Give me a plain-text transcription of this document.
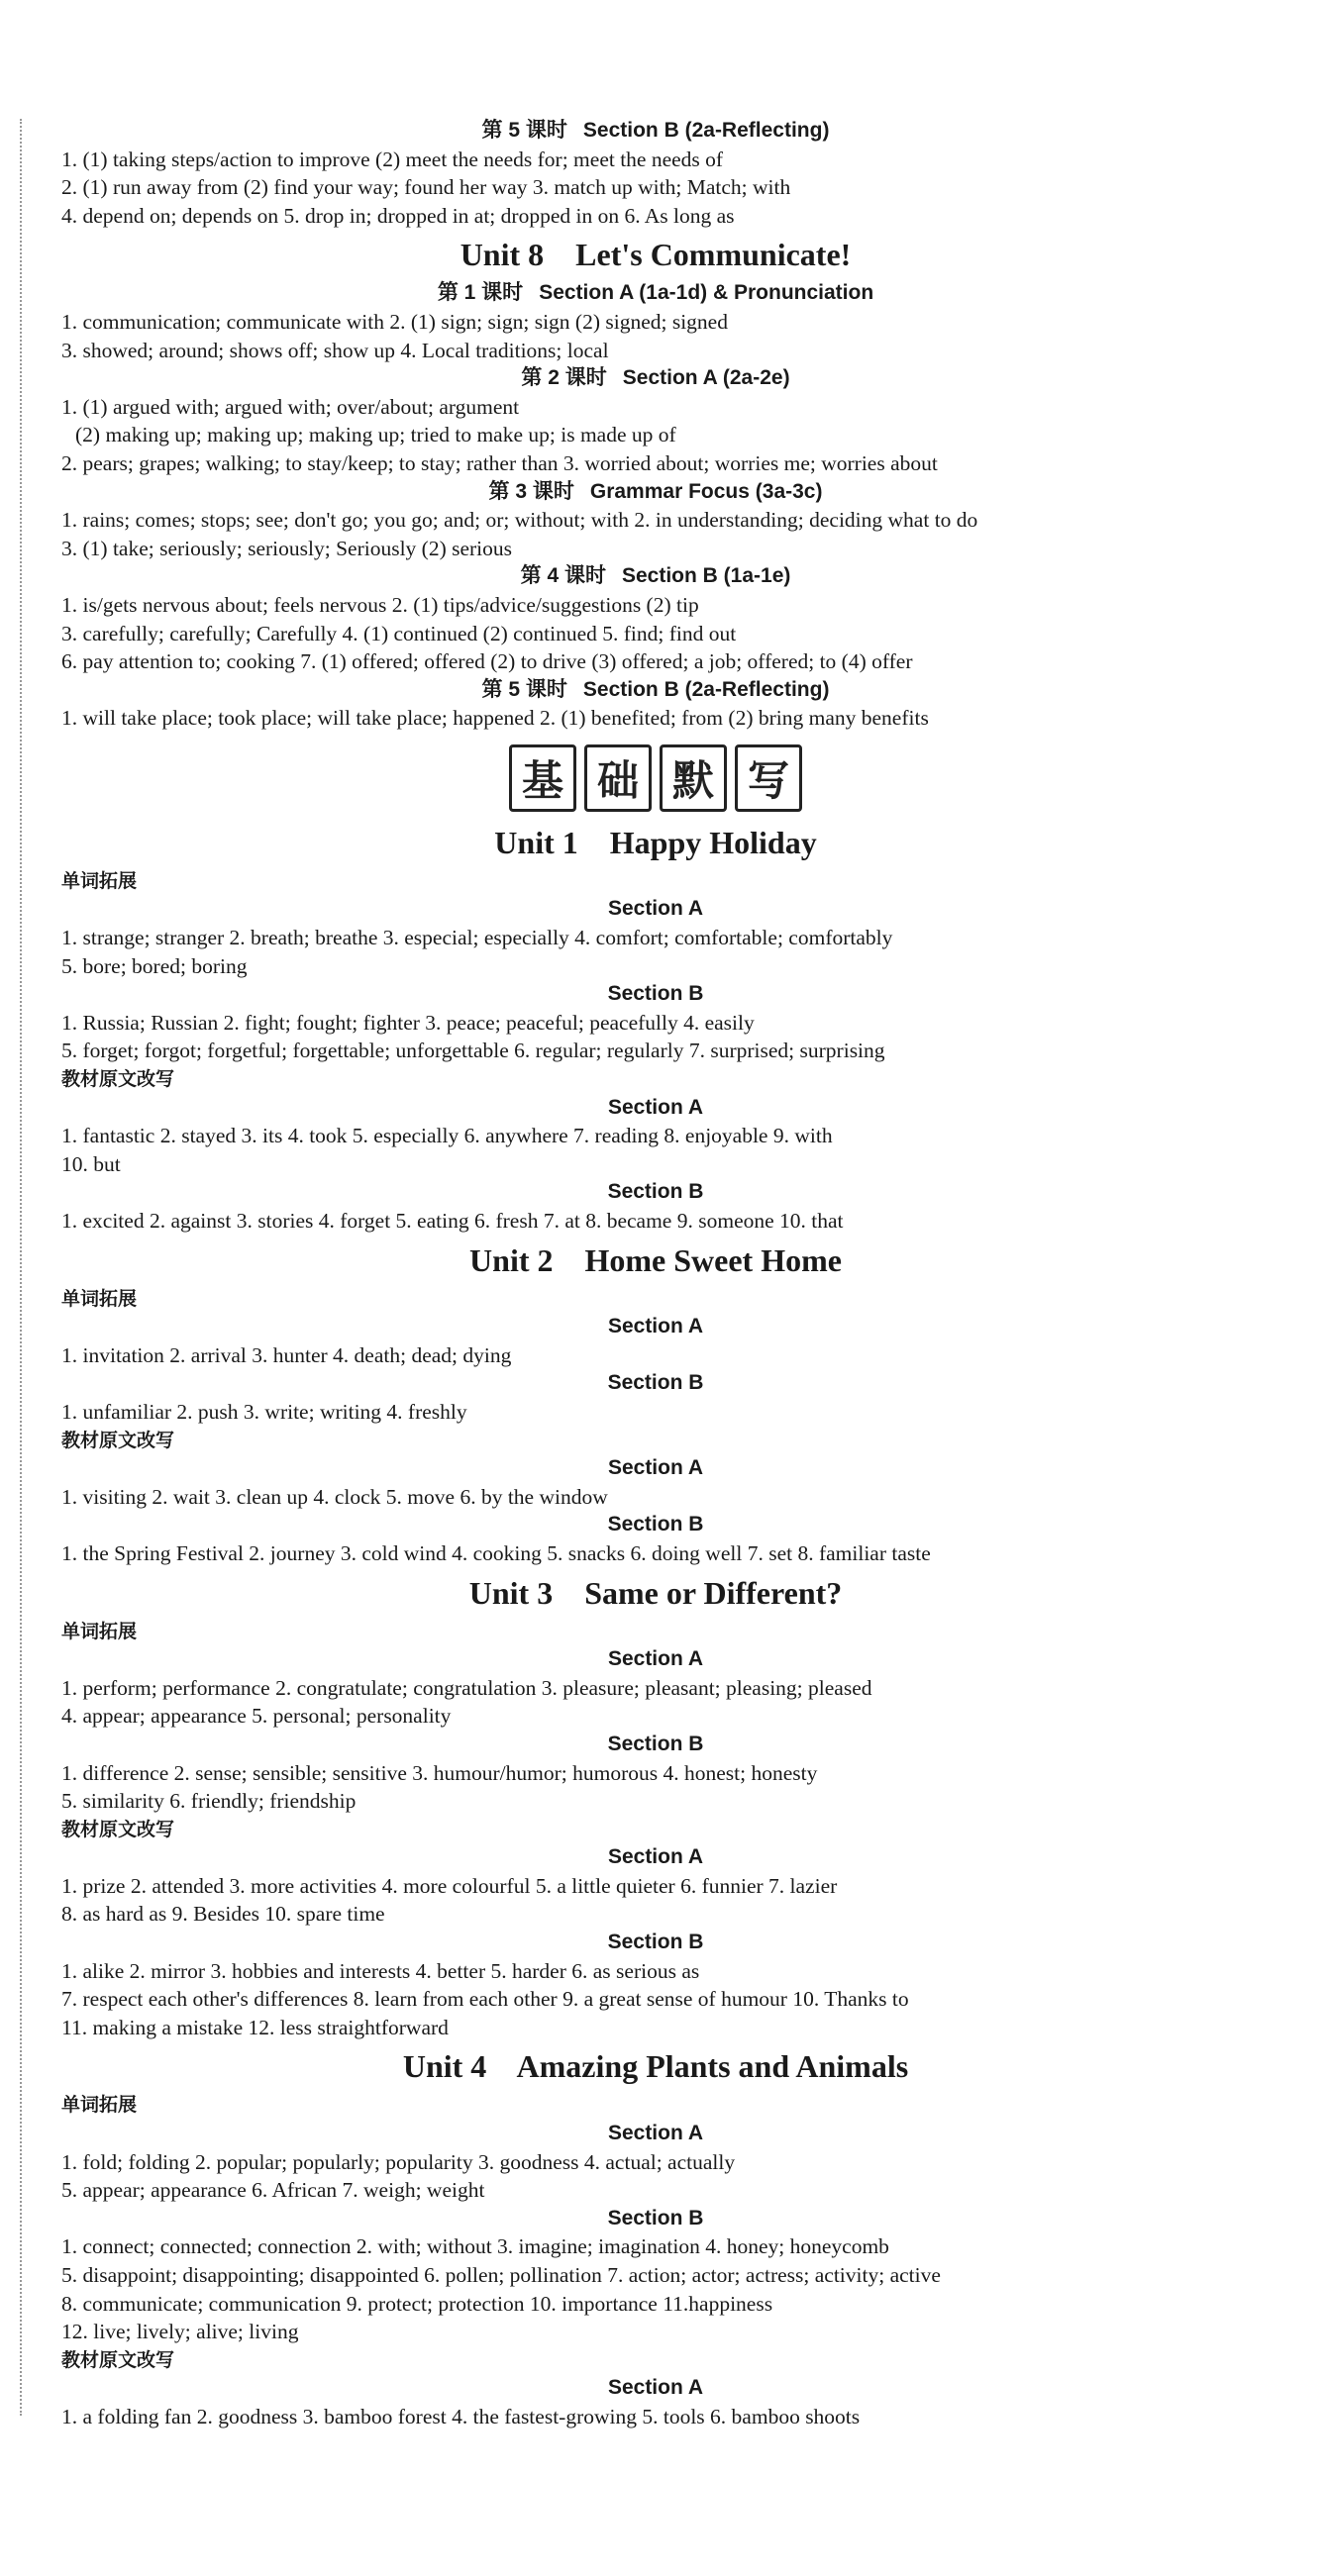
第 5 课时 Section B (2a-Reflecting)
1. (1) taking steps/action to improve (2) meet the needs for; meet the needs of
2. (1) run away from (2) find your way; found her way 3. match up with; Match; with
4. depend on; depends on 5. drop in; dropped in at; dropped in on 6. As long as
Unit 8    Let's Communicate!
第 1 课时 Section A (1a-1d) & Pronunciation
1. communication; communicate with 2. (1) sign; sign; sign (2) signed; signed
3. showed; around; shows off; show up 4. Local traditions; local
第 2 课时 Section A (2a-2e)
1. (1) argued with; argued with; over/about; argument
(2) making up; making up; making up; tried to make up; is made up of
2. pears; grapes; walking; to stay/keep; to stay; rather than 3. worried about; worries me; worries about
第 3 课时 Grammar Focus (3a-3c)
1. rains; comes; stops; see; don't go; you go; and; or; without; with 2. in understanding; deciding what to do
3. (1) take; seriously; seriously; Seriously (2) serious
第 4 课时 Section B (1a-1e)
1. is/gets nervous about; feels nervous 2. (1) tips/advice/suggestions (2) tip
3. carefully; carefully; Carefully 4. (1) continued (2) continued 5. find; find out
6. pay attention to; cooking 7. (1) offered; offered (2) to drive (3) offered; a job; offered; to (4) offer
第 5 课时 Section B (2a-Reflecting)
1. will take place; took place; will take place; happened 2. (1) benefited; from (2) bring many benefits
基 础 默 写
Unit 1    Happy Holiday
单词拓展
Section A
1. strange; stranger 2. breath; breathe 3. especial; especially 4. comfort; comfortable; comfortably
5. bore; bored; boring
Section B
1. Russia; Russian 2. fight; fought; fighter 3. peace; peaceful; peacefully 4. easily
5. forget; forgot; forgetful; forgettable; unforgettable 6. regular; regularly 7. surprised; surprising
教材原文改写
Section A
1. fantastic 2. stayed 3. its 4. took 5. especially 6. anywhere 7. reading 8. enjoyable 9. with
10. but
Section B
1. excited 2. against 3. stories 4. forget 5. eating 6. fresh 7. at 8. became 9. someone 10. that
Unit 2    Home Sweet Home
单词拓展
Section A
1. invitation 2. arrival 3. hunter 4. death; dead; dying
Section B
1. unfamiliar 2. push 3. write; writing 4. freshly
教材原文改写
Section A
1. visiting 2. wait 3. clean up 4. clock 5. move 6. by the window
Section B
1. the Spring Festival 2. journey 3. cold wind 4. cooking 5. snacks 6. doing well 7. set 8. familiar taste
Unit 3    Same or Different?
单词拓展
Section A
1. perform; performance 2. congratulate; congratulation 3. pleasure; pleasant; pleasing; pleased
4. appear; appearance 5. personal; personality
Section B
1. difference 2. sense; sensible; sensitive 3. humour/humor; humorous 4. honest; honesty
5. similarity 6. friendly; friendship
教材原文改写
Section A
1. prize 2. attended 3. more activities 4. more colourful 5. a little quieter 6. funnier 7. lazier
8. as hard as 9. Besides 10. spare time
Section B
1. alike 2. mirror 3. hobbies and interests 4. better 5. harder 6. as serious as
7. respect each other's differences 8. learn from each other 9. a great sense of humour 10. Thanks to
11. making a mistake 12. less straightforward
Unit 4    Amazing Plants and Animals
单词拓展
Section A
1. fold; folding 2. popular; popularly; popularity 3. goodness 4. actual; actually
5. appear; appearance 6. African 7. weigh; weight
Section B
1. connect; connected; connection 2. with; without 3. imagine; imagination 4. honey; honeycomb
5. disappoint; disappointing; disappointed 6. pollen; pollination 7. action; actor; actress; activity; active
8. communicate; communication 9. protect; protection 10. importance 11.happiness
12. live; lively; alive; living
教材原文改写
Section A
1. a folding fan 2. goodness 3. bamboo forest 4. the fastest-growing 5. tools 6. bamboo shoots
